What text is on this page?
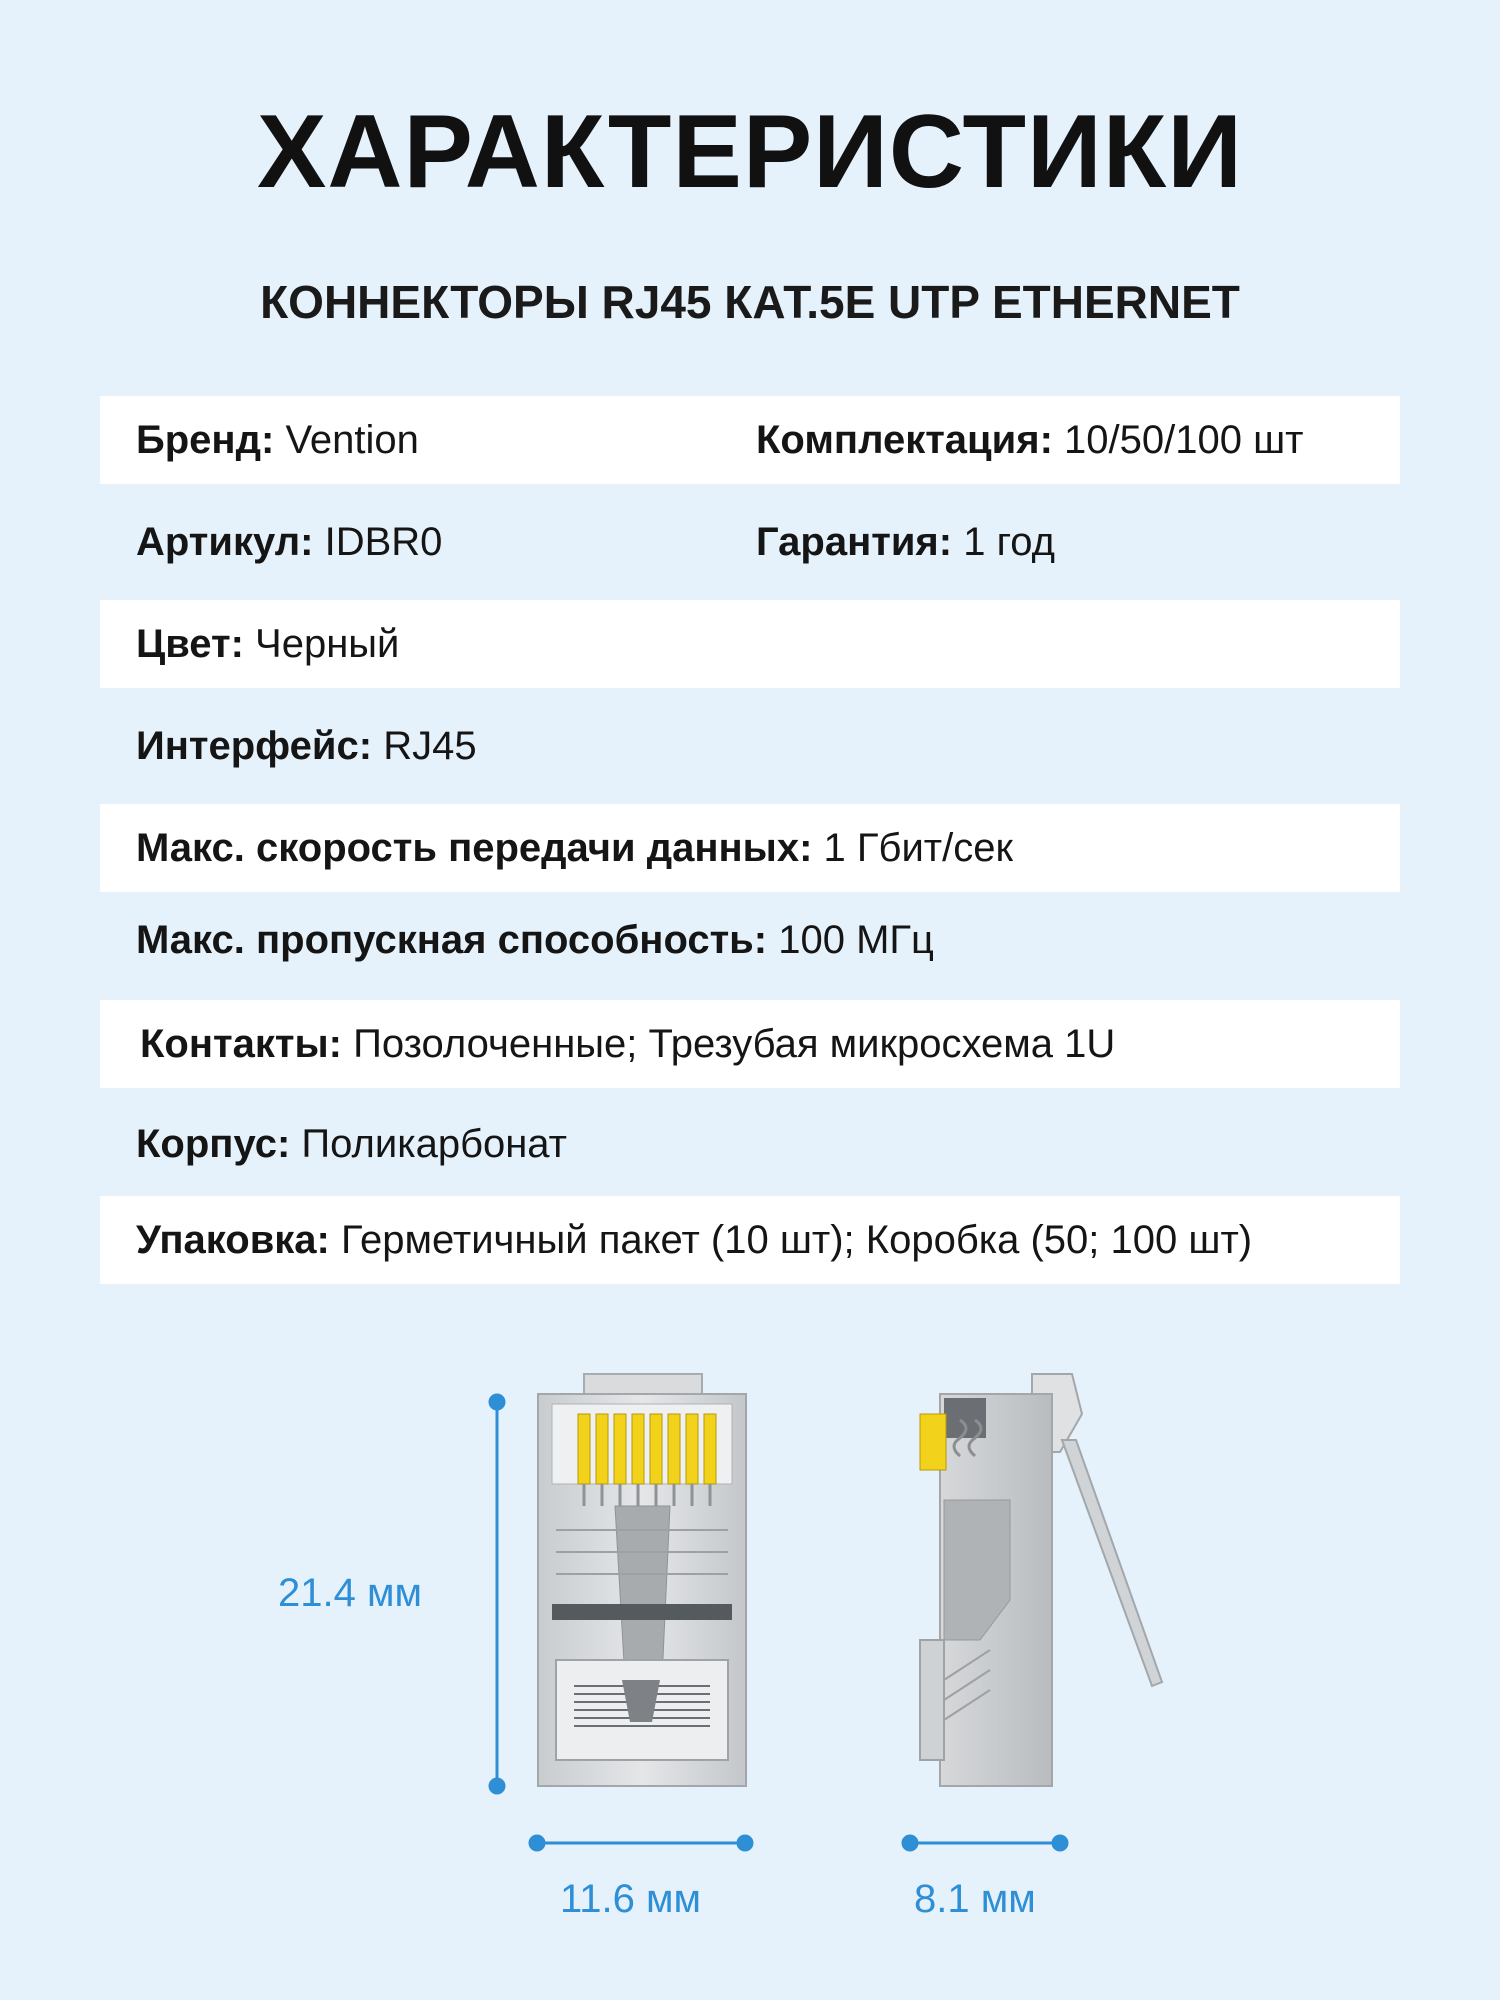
ХАРАКТЕРИСТИКИ
КОННЕКТОРЫ RJ45 КАТ.5E UTP ETHERNET
Бренд: Vention	Комплектация: 10/50/100 шт
Артикул: IDBR0	Гарантия: 1 год
Цвет: Черный
Интерфейс: RJ45
Макс. скорость передачи данных: 1 Гбит/сек
Макс. пропускная способность: 100 МГц
Контакты: Позолоченные; Трезубая микросхема 1U
Корпус: Поликарбонат
Упаковка: Герметичный пакет (10 шт); Коробка (50; 100 шт)
21.4 мм
11.6 мм	8.1 мм
